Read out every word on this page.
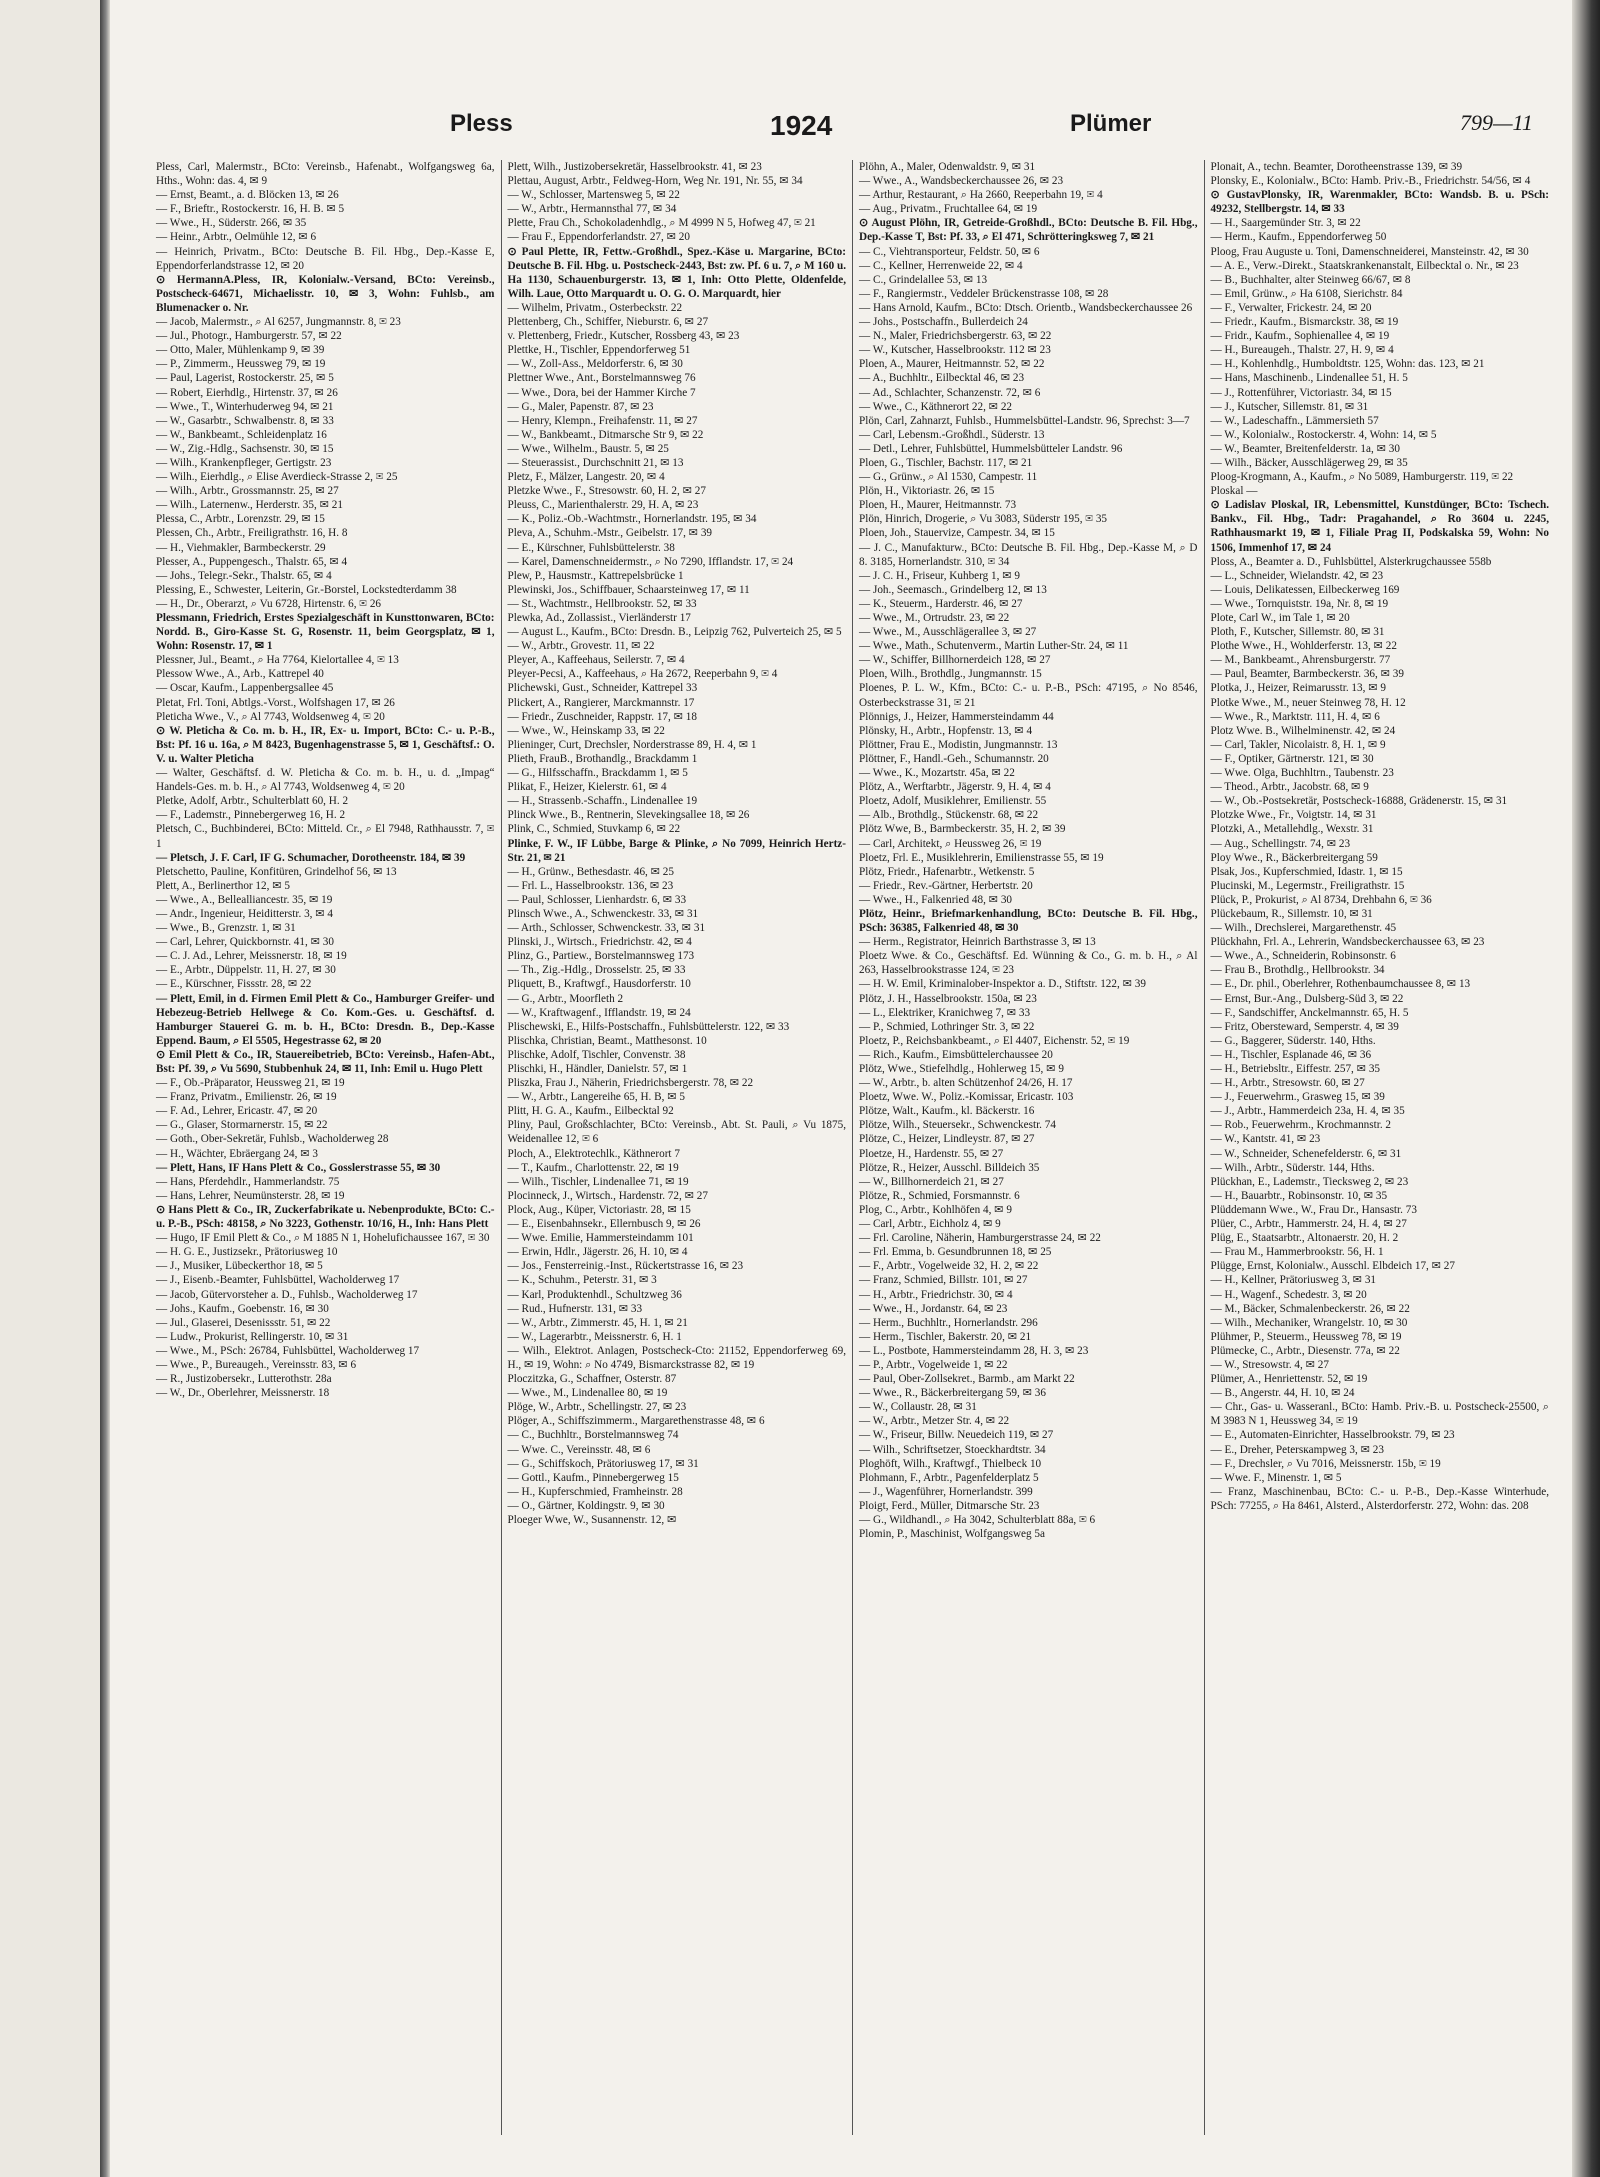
Pless	1924	Plümer	799—11

Pless, Carl, Malermstr., BCto: Vereinsb., Hafenabt., Wolfgangsweg 6a, Hths., Wohn: das. 4, ✉ 9

— Ernst, Beamt., a. d. Blöcken 13, ✉ 26

— F., Brieftr., Rostockerstr. 16, H. B. ✉ 5

— Wwe., H., Süderstr. 266, ✉ 35

— Heinr., Arbtr., Oelmühle 12, ✉ 6

— Heinrich, Privatm., BCto: Deutsche B. Fil. Hbg., Dep.-Kasse E, Eppendorferlandstrasse 12, ✉ 20

⊙ HermannA.Pless, IR, Kolonialw.-Versand, BCto: Vereinsb., Postscheck-64671, Michaelisstr. 10, ✉ 3, Wohn: Fuhlsb., am Blumenacker o. Nr.

— Jacob, Malermstr., ⌕ Al 6257, Jungmannstr. 8, ✉ 23

— Jul., Photogr., Hamburgerstr. 57, ✉ 22

— Otto, Maler, Mühlenkamp 9, ✉ 39

— P., Zimmerm., Heussweg 79, ✉ 19

— Paul, Lagerist, Rostockerstr. 25, ✉ 5

— Robert, Eierhdlg., Hirtenstr. 37, ✉ 26

— Wwe., T., Winterhuderweg 94, ✉ 21

— W., Gasarbtr., Schwalbenstr. 8, ✉ 33

— W., Bankbeamt., Schleidenplatz 16

— W., Zig.-Hdlg., Sachsenstr. 30, ✉ 15

— Wilh., Krankenpfleger, Gertigstr. 23

— Wilh., Eierhdlg., ⌕ Elise Averdieck-Strasse 2, ✉ 25

— Wilh., Arbtr., Grossmannstr. 25, ✉ 27

— Wilh., Laternenw., Herderstr. 35, ✉ 21

Plessa, C., Arbtr., Lorenzstr. 29, ✉ 15

Plessen, Ch., Arbtr., Freiligrathstr. 16, H. 8

— H., Viehmakler, Barmbeckerstr. 29

Plesser, A., Puppengesch., Thalstr. 65, ✉ 4

— Johs., Telegr.-Sekr., Thalstr. 65, ✉ 4

Plessing, E., Schwester, Leiterin, Gr.-Borstel, Lockstedterdamm 38

— H., Dr., Oberarzt, ⌕ Vu 6728, Hirtenstr. 6, ✉ 26

Plessmann, Friedrich, Erstes Spezialgeschäft in Kunsttonwaren, BCto: Nordd. B., Giro-Kasse St. G, Rosenstr. 11, beim Georgsplatz, ✉ 1, Wohn: Rosenstr. 17, ✉ 1

Plessner, Jul., Beamt., ⌕ Ha 7764, Kielortallee 4, ✉ 13

Plessow Wwe., A., Arb., Kattrepel 40

— Oscar, Kaufm., Lappenbergsallee 45

Pletat, Frl. Toni, Abtlgs.-Vorst., Wolfshagen 17, ✉ 26

Pleticha Wwe., V., ⌕ Al 7743, Woldsenweg 4, ✉ 20

⊙ W. Pleticha & Co. m. b. H., IR, Ex- u. Import, BCto: C.- u. P.-B., Bst: Pf. 16 u. 16a, ⌕ M 8423, Bugenhagenstrasse 5, ✉ 1, Geschäftsf.: O. V. u. Walter Pleticha

— Walter, Geschäftsf. d. W. Pleticha & Co. m. b. H., u. d. „Impag“ Handels-Ges. m. b. H., ⌕ Al 7743, Woldsenweg 4, ✉ 20

Pletke, Adolf, Arbtr., Schulterblatt 60, H. 2

— F., Lademstr., Pinnebergerweg 16, H. 2

Pletsch, C., Buchbinderei, BCto: Mitteld. Cr., ⌕ El 7948, Rathhausstr. 7, ✉ 1

— Pletsch, J. F. Carl, IF G. Schumacher, Dorotheenstr. 184, ✉ 39

Pletschetto, Pauline, Konfitüren, Grindelhof 56, ✉ 13

Plett, A., Berlinerthor 12, ✉ 5

— Wwe., A., Bellealliancestr. 35, ✉ 19

— Andr., Ingenieur, Heiditterstr. 3, ✉ 4

— Wwe., B., Grenzstr. 1, ✉ 31

— Carl, Lehrer, Quickbornstr. 41, ✉ 30

— C. J. Ad., Lehrer, Meissnerstr. 18, ✉ 19

— E., Arbtr., Düppelstr. 11, H. 27, ✉ 30

— E., Kürschner, Fissstr. 28, ✉ 22

— Plett, Emil, in d. Firmen Emil Plett & Co., Hamburger Greifer- und Hebezeug-Betrieb Hellwege & Co. Kom.-Ges. u. Geschäftsf. d. Hamburger Stauerei G. m. b. H., BCto: Dresdn. B., Dep.-Kasse Eppend. Baum, ⌕ El 5505, Hegestrasse 62, ✉ 20

⊙ Emil Plett & Co., IR, Stauereibetrieb, BCto: Vereinsb., Hafen-Abt., Bst: Pf. 39, ⌕ Vu 5690, Stubbenhuk 24, ✉ 11, Inh: Emil u. Hugo Plett

— F., Ob.-Präparator, Heussweg 21, ✉ 19

— Franz, Privatm., Emilienstr. 26, ✉ 19

— F. Ad., Lehrer, Ericastr. 47, ✉ 20

— G., Glaser, Stormarnerstr. 15, ✉ 22

— Goth., Ober-Sekretär, Fuhlsb., Wacholderweg 28

— H., Wächter, Ebräergang 24, ✉ 3

— Plett, Hans, IF Hans Plett & Co., Gosslerstrasse 55, ✉ 30

— Hans, Pferdehdlr., Hammerlandstr. 75

— Hans, Lehrer, Neumünsterstr. 28, ✉ 19

⊙ Hans Plett & Co., IR, Zuckerfabrikate u. Nebenprodukte, BCto: C.- u. P.-B., PSch: 48158, ⌕ No 3223, Gothenstr. 10/16, H., Inh: Hans Plett

— Hugo, IF Emil Plett & Co., ⌕ M 1885 N 1, Hohelufichaussee 167, ✉ 30

— H. G. E., Justizsekr., Prätoriusweg 10

— J., Musiker, Lübeckerthor 18, ✉ 5

— J., Eisenb.-Beamter, Fuhlsbüttel, Wacholderweg 17

— Jacob, Gütervorsteher a. D., Fuhlsb., Wacholderweg 17

— Johs., Kaufm., Goebenstr. 16, ✉ 30

— Jul., Glaserei, Desenissstr. 51, ✉ 22

— Ludw., Prokurist, Rellingerstr. 10, ✉ 31

— Wwe., M., PSch: 26784, Fuhlsbüttel, Wacholderweg 17

— Wwe., P., Bureaugeh., Vereinsstr. 83, ✉ 6

— R., Justizobersekr., Lutterothstr. 28a

— W., Dr., Oberlehrer, Meissnerstr. 18

Plett, Wilh., Justizobersekretär, Hasselbrookstr. 41, ✉ 23

Plettau, August, Arbtr., Feldweg-Horn, Weg Nr. 191, Nr. 55, ✉ 34

— W., Schlosser, Martensweg 5, ✉ 22

— W., Arbtr., Hermannsthal 77, ✉ 34

Plette, Frau Ch., Schokoladenhdlg., ⌕ M 4999 N 5, Hofweg 47, ✉ 21

— Frau F., Eppendorferlandstr. 27, ✉ 20

⊙ Paul Plette, IR, Fettw.-Großhdl., Spez.-Käse u. Margarine, BCto: Deutsche B. Fil. Hbg. u. Postscheck-2443, Bst: zw. Pf. 6 u. 7, ⌕ M 160 u. Ha 1130, Schauenburgerstr. 13, ✉ 1, Inh: Otto Plette, Oldenfelde, Wilh. Laue, Otto Marquardt u. O. G. O. Marquardt, hier

— Wilhelm, Privatm., Osterbeckstr. 22

Plettenberg, Ch., Schiffer, Nieburstr. 6, ✉ 27

v. Plettenberg, Friedr., Kutscher, Rossberg 43, ✉ 23

Plettke, H., Tischler, Eppendorferweg 51

— W., Zoll-Ass., Meldorferstr. 6, ✉ 30

Plettner Wwe., Ant., Borstelmannsweg 76

— Wwe., Dora, bei der Hammer Kirche 7

— G., Maler, Papenstr. 87, ✉ 23

— Henry, Klempn., Freihafenstr. 11, ✉ 27

— W., Bankbeamt., Ditmarsche Str 9, ✉ 22

— Wwe., Wilhelm., Baustr. 5, ✉ 25

— Steuerassist., Durchschnitt 21, ✉ 13

Pletz, F., Mälzer, Langestr. 20, ✉ 4

Pletzke Wwe., F., Stresowstr. 60, H. 2, ✉ 27

Pleuss, C., Marienthalerstr. 29, H. A, ✉ 23

— K., Poliz.-Ob.-Wachtmstr., Hornerlandstr. 195, ✉ 34

Pleva, A., Schuhm.-Mstr., Geibelstr. 17, ✉ 39

— E., Kürschner, Fuhlsbüttelerstr. 38

— Karel, Damenschneidermstr., ⌕ No 7290, Ifflandstr. 17, ✉ 24

Plew, P., Hausmstr., Kattrepelsbrücke 1

Plewinski, Jos., Schiffbauer, Schaarsteinweg 17, ✉ 11

— St., Wachtmstr., Hellbrookstr. 52, ✉ 33

Plewka, Ad., Zollassist., Vierländerstr 17

— August L., Kaufm., BCto: Dresdn. B., Leipzig 762, Pulverteich 25, ✉ 5

— W., Arbtr., Grovestr. 11, ✉ 22

Pleyer, A., Kaffeehaus, Seilerstr. 7, ✉ 4

Pleyer-Pecsi, A., Kaffeehaus, ⌕ Ha 2672, Reeperbahn 9, ✉ 4

Plichewski, Gust., Schneider, Kattrepel 33

Plickert, A., Rangierer, Marckmannstr. 17

— Friedr., Zuschneider, Rappstr. 17, ✉ 18

— Wwe., W., Heinskamp 33, ✉ 22

Plieninger, Curt, Drechsler, Norderstrasse 89, H. 4, ✉ 1

Plieth, FrauB., Brothandlg., Brackdamm 1

— G., Hilfsschaffn., Brackdamm 1, ✉ 5

Plikat, F., Heizer, Kielerstr. 61, ✉ 4

— H., Strassenb.-Schaffn., Lindenallee 19

Plinck Wwe., B., Rentnerin, Slevekingsallee 18, ✉ 26

Plink, C., Schmied, Stuvkamp 6, ✉ 22

Plinke, F. W., IF Lübbe, Barge & Plinke, ⌕ No 7099, Heinrich Hertz-Str. 21, ✉ 21

— H., Grünw., Bethesdastr. 46, ✉ 25

— Frl. L., Hasselbrookstr. 136, ✉ 23

— Paul, Schlosser, Lienhardstr. 6, ✉ 33

Plinsch Wwe., A., Schwenckestr. 33, ✉ 31

— Arth., Schlosser, Schwenckestr. 33, ✉ 31

Plinski, J., Wirtsch., Friedrichstr. 42, ✉ 4

Plinz, G., Partiew., Borstelmannsweg 173

— Th., Zig.-Hdlg., Drosselstr. 25, ✉ 33

Pliquett, B., Kraftwgf., Hausdorferstr. 10

— G., Arbtr., Moorfleth 2

— W., Kraftwagenf., Ifflandstr. 19, ✉ 24

Plischewski, E., Hilfs-Postschaffn., Fuhlsbüttelerstr. 122, ✉ 33

Plischka, Christian, Beamt., Matthesonst. 10

Plischke, Adolf, Tischler, Convenstr. 38

Plischki, H., Händler, Danielstr. 57, ✉ 1

Pliszka, Frau J., Näherin, Friedrichsbergerstr. 78, ✉ 22

— W., Arbtr., Langereihe 65, H. B, ✉ 5

Plitt, H. G. A., Kaufm., Eilbecktal 92

Pliny, Paul, Großschlachter, BCto: Vereinsb., Abt. St. Pauli, ⌕ Vu 1875, Weidenallee 12, ✉ 6

Ploch, A., Elektrotechlk., Käthnerort 7

— T., Kaufm., Charlottenstr. 22, ✉ 19

— Wilh., Tischler, Lindenallee 71, ✉ 19

Plocinneck, J., Wirtsch., Hardenstr. 72, ✉ 27

Plock, Aug., Küper, Victoriastr. 28, ✉ 15

— E., Eisenbahnsekr., Ellernbusch 9, ✉ 26

— Wwe. Emilie, Hammersteindamm 101

— Erwin, Hdlr., Jägerstr. 26, H. 10, ✉ 4

— Jos., Fensterreinig.-Inst., Rückertstrasse 16, ✉ 23

— K., Schuhm., Peterstr. 31, ✉ 3

— Karl, Produktenhdl., Schultzweg 36

— Rud., Hufnerstr. 131, ✉ 33

— W., Arbtr., Zimmerstr. 45, H. 1, ✉ 21

— W., Lagerarbtr., Meissnerstr. 6, H. 1

— Wilh., Elektrot. Anlagen, Postscheck-Cto: 21152, Eppendorferweg 69, H., ✉ 19, Wohn: ⌕ No 4749, Bismarckstrasse 82, ✉ 19

Ploczitzka, G., Schaffner, Osterstr. 87

— Wwe., M., Lindenallee 80, ✉ 19

Plöge, W., Arbtr., Schellingstr. 27, ✉ 23

Plöger, A., Schiffszimmerm., Margarethenstrasse 48, ✉ 6

— C., Buchhltr., Borstelmannsweg 74

— Wwe. C., Vereinsstr. 48, ✉ 6

— G., Schiffskoch, Prätoriusweg 17, ✉ 31

— Gottl., Kaufm., Pinnebergerweg 15

— H., Kupferschmied, Framheinstr. 28

— O., Gärtner, Koldingstr. 9, ✉ 30

Ploeger Wwe, W., Susannenstr. 12, ✉

Plöhn, A., Maler, Odenwaldstr. 9, ✉ 31

— Wwe., A., Wandsbeckerchaussee 26, ✉ 23

— Arthur, Restaurant, ⌕ Ha 2660, Reeperbahn 19, ✉ 4

— Aug., Privatm., Fruchtallee 64, ✉ 19

⊙ August Plöhn, IR, Getreide-Großhdl., BCto: Deutsche B. Fil. Hbg., Dep.-Kasse T, Bst: Pf. 33, ⌕ El 471, Schrötteringksweg 7, ✉ 21

— C., Viehtransporteur, Feldstr. 50, ✉ 6

— C., Kellner, Herrenweide 22, ✉ 4

— C., Grindelallee 53, ✉ 13

— F., Rangiermstr., Veddeler Brückenstrasse 108, ✉ 28

— Hans Arnold, Kaufm., BCto: Dtsch. Orientb., Wandsbeckerchaussee 26

— Johs., Postschaffn., Bullerdeich 24

— N., Maler, Friedrichsbergerstr. 63, ✉ 22

— W., Kutscher, Hasselbrookstr. 112 ✉ 23

Ploen, A., Maurer, Heitmannstr. 52, ✉ 22

— A., Buchhltr., Eilbecktal 46, ✉ 23

— Ad., Schlachter, Schanzenstr. 72, ✉ 6

— Wwe., C., Käthnerort 22, ✉ 22

Plön, Carl, Zahnarzt, Fuhlsb., Hummelsbüttel-Landstr. 96, Sprechst: 3—7

— Carl, Lebensm.-Großhdl., Süderstr. 13

— Detl., Lehrer, Fuhlsbüttel, Hummelsbütteler Landstr. 96

Ploen, G., Tischler, Bachstr. 117, ✉ 21

— G., Grünw., ⌕ Al 1530, Campestr. 11

Plön, H., Viktoriastr. 26, ✉ 15

Ploen, H., Maurer, Heitmannstr. 73

Plön, Hinrich, Drogerie, ⌕ Vu 3083, Süderstr 195, ✉ 35

Ploen, Joh., Stauervize, Campestr. 34, ✉ 15

— J. C., Manufakturw., BCto: Deutsche B. Fil. Hbg., Dep.-Kasse M, ⌕ D 8. 3185, Hornerlandstr. 310, ✉ 34

— J. C. H., Friseur, Kuhberg 1, ✉ 9

— Joh., Seemasch., Grindelberg 12, ✉ 13

— K., Steuerm., Harderstr. 46, ✉ 27

— Wwe., M., Ortrudstr. 23, ✉ 22

— Wwe., M., Ausschlägerallee 3, ✉ 27

— Wwe., Math., Schutenverm., Martin Luther-Str. 24, ✉ 11

— W., Schiffer, Billhornerdeich 128, ✉ 27

Ploen, Wilh., Brothdlg., Jungmannstr. 15

Ploenes, P. L. W., Kfm., BCto: C.- u. P.-B., PSch: 47195, ⌕ No 8546, Osterbeckstrasse 31, ✉ 21

Plönnigs, J., Heizer, Hammersteindamm 44

Plönsky, H., Arbtr., Hopfenstr. 13, ✉ 4

Plöttner, Frau E., Modistin, Jungmannstr. 13

Plöttner, F., Handl.-Geh., Schumannstr. 20

— Wwe., K., Mozartstr. 45a, ✉ 22

Plötz, A., Werftarbtr., Jägerstr. 9, H. 4, ✉ 4

Ploetz, Adolf, Musiklehrer, Emilienstr. 55

— Alb., Brothdlg., Stückenstr. 68, ✉ 22

Plötz Wwe, B., Barmbeckerstr. 35, H. 2, ✉ 39

— Carl, Architekt, ⌕ Heussweg 26, ✉ 19

Ploetz, Frl. E., Musiklehrerin, Emilienstrasse 55, ✉ 19

Plötz, Friedr., Hafenarbtr., Wetkenstr. 5

— Friedr., Rev.-Gärtner, Herbertstr. 20

— Wwe., H., Falkenried 48, ✉ 30

Plötz, Heinr., Briefmarkenhandlung, BCto: Deutsche B. Fil. Hbg., PSch: 36385, Falkenried 48, ✉ 30

— Herm., Registrator, Heinrich Barthstrasse 3, ✉ 13

Ploetz Wwe. & Co., Geschäftsf. Ed. Wünning & Co., G. m. b. H., ⌕ Al 263, Hasselbrookstrasse 124, ✉ 23

— H. W. Emil, Kriminalober-Inspektor a. D., Stiftstr. 122, ✉ 39

Plötz, J. H., Hasselbrookstr. 150a, ✉ 23

— L., Elektriker, Kranichweg 7, ✉ 33

— P., Schmied, Lothringer Str. 3, ✉ 22

Ploetz, P., Reichsbankbeamt., ⌕ El 4407, Eichenstr. 52, ✉ 19

— Rich., Kaufm., Eimsbüttelerchaussee 20

Plötz, Wwe., Stiefelhdlg., Hohlerweg 15, ✉ 9

— W., Arbtr., b. alten Schützenhof 24/26, H. 17

Ploetz, Wwe. W., Poliz.-Komissar, Ericastr. 103

Plötze, Walt., Kaufm., kl. Bäckerstr. 16

Plötze, Wilh., Steuersekr., Schwenckestr. 74

Plötze, C., Heizer, Lindleystr. 87, ✉ 27

Ploetze, H., Hardenstr. 55, ✉ 27

Plötze, R., Heizer, Ausschl. Billdeich 35

— W., Billhornerdeich 21, ✉ 27

Plötze, R., Schmied, Forsmannstr. 6

Plog, C., Arbtr., Kohlhöfen 4, ✉ 9

— Carl, Arbtr., Eichholz 4, ✉ 9

— Frl. Caroline, Näherin, Hamburgerstrasse 24, ✉ 22

— Frl. Emma, b. Gesundbrunnen 18, ✉ 25

— F., Arbtr., Vogelweide 32, H. 2, ✉ 22

— Franz, Schmied, Billstr. 101, ✉ 27

— H., Arbtr., Friedrichstr. 30, ✉ 4

— Wwe., H., Jordanstr. 64, ✉ 23

— Herm., Buchhltr., Hornerlandstr. 296

— Herm., Tischler, Bakerstr. 20, ✉ 21

— L., Postbote, Hammersteindamm 28, H. 3, ✉ 23

— P., Arbtr., Vogelweide 1, ✉ 22

— Paul, Ober-Zollsekret., Barmb., am Markt 22

— Wwe., R., Bäckerbreitergang 59, ✉ 36

— W., Collaustr. 28, ✉ 31

— W., Arbtr., Metzer Str. 4, ✉ 22

— W., Friseur, Billw. Neuedeich 119, ✉ 27

— Wilh., Schriftsetzer, Stoeckhardtstr. 34

Ploghöft, Wilh., Kraftwgf., Thielbeck 10

Plohmann, F., Arbtr., Pagenfelderplatz 5

— J., Wagenführer, Hornerlandstr. 399

Ploigt, Ferd., Müller, Ditmarsche Str. 23

— G., Wildhandl., ⌕ Ha 3042, Schulterblatt 88a, ✉ 6

Plomin, P., Maschinist, Wolfgangsweg 5a

Plonait, A., techn. Beamter, Dorotheenstrasse 139, ✉ 39

Plonsky, E., Kolonialw., BCto: Hamb. Priv.-B., Friedrichstr. 54/56, ✉ 4

⊙ GustavPlonsky, IR, Warenmakler, BCto: Wandsb. B. u. PSch: 49232, Stellbergstr. 14, ✉ 33

— H., Saargemünder Str. 3, ✉ 22

— Herm., Kaufm., Eppendorferweg 50

Ploog, Frau Auguste u. Toni, Damenschneiderei, Mansteinstr. 42, ✉ 30

— A. E., Verw.-Direkt., Staatskrankenanstalt, Eilbecktal o. Nr., ✉ 23

— B., Buchhalter, alter Steinweg 66/67, ✉ 8

— Emil, Grünw., ⌕ Ha 6108, Sierichstr. 84

— F., Verwalter, Frickestr. 24, ✉ 20

— Friedr., Kaufm., Bismarckstr. 38, ✉ 19

— Fridr., Kaufm., Sophienallee 4, ✉ 19

— H., Bureaugeh., Thalstr. 27, H. 9, ✉ 4

— H., Kohlenhdlg., Humboldtstr. 125, Wohn: das. 123, ✉ 21

— Hans, Maschinenb., Lindenallee 51, H. 5

— J., Rottenführer, Victoriastr. 34, ✉ 15

— J., Kutscher, Sillemstr. 81, ✉ 31

— W., Ladeschaffn., Lämmersieth 57

— W., Kolonialw., Rostockerstr. 4, Wohn: 14, ✉ 5

— W., Beamter, Breitenfelderstr. 1a, ✉ 30

— Wilh., Bäcker, Ausschlägerweg 29, ✉ 35

Ploog-Krogmann, A., Kaufm., ⌕ No 5089, Hamburgerstr. 119, ✉ 22

Ploskal —

⊙ Ladislav Ploskal, IR, Lebensmittel, Kunstdünger, BCto: Tschech. Bankv., Fil. Hbg., Tadr: Pragahandel, ⌕ Ro 3604 u. 2245, Rathhausmarkt 19, ✉ 1, Filiale Prag II, Podskalska 59, Wohn: No 1506, Immenhof 17, ✉ 24

Ploss, A., Beamter a. D., Fuhlsbüttel, Alsterkrugchaussee 558b

— L., Schneider, Wielandstr. 42, ✉ 23

— Louis, Delikatessen, Eilbeckerweg 169

— Wwe., Tornquiststr. 19a, Nr. 8, ✉ 19

Plote, Carl W., im Tale 1, ✉ 20

Ploth, F., Kutscher, Sillemstr. 80, ✉ 31

Plothe Wwe., H., Wohlderferstr. 13, ✉ 22

— M., Bankbeamt., Ahrensburgerstr. 77

— Paul, Beamter, Barmbeckerstr. 36, ✉ 39

Plotka, J., Heizer, Reimarusstr. 13, ✉ 9

Plotke Wwe., M., neuer Steinweg 78, H. 12

— Wwe., R., Marktstr. 111, H. 4, ✉ 6

Plotz Wwe. B., Wilhelminenstr. 42, ✉ 24

— Carl, Takler, Nicolaistr. 8, H. 1, ✉ 9

— F., Optiker, Gärtnerstr. 121, ✉ 30

— Wwe. Olga, Buchhltrn., Taubenstr. 23

— Theod., Arbtr., Jacobstr. 68, ✉ 9

— W., Ob.-Postsekretär, Postscheck-16888, Grädenerstr. 15, ✉ 31

Plotzke Wwe., Fr., Voigtstr. 14, ✉ 31

Plotzki, A., Metallehdlg., Wexstr. 31

— Aug., Schellingstr. 74, ✉ 23

Ploy Wwe., R., Bäckerbreitergang 59

Plsak, Jos., Kupferschmied, Idastr. 1, ✉ 15

Plucinski, M., Legermstr., Freiligrathstr. 15

Plück, P., Prokurist, ⌕ Al 8734, Drehbahn 6, ✉ 36

Plückebaum, R., Sillemstr. 10, ✉ 31

— Wilh., Drechslerei, Margarethenstr. 45

Plückhahn, Frl. A., Lehrerin, Wandsbeckerchaussee 63, ✉ 23

— Wwe., A., Schneiderin, Robinsonstr. 6

— Frau B., Brothdlg., Hellbrookstr. 34

— E., Dr. phil., Oberlehrer, Rothenbaumchaussee 8, ✉ 13

— Ernst, Bur.-Ang., Dulsberg-Süd 3, ✉ 22

— F., Sandschiffer, Anckelmannstr. 65, H. 5

— Fritz, Obersteward, Semperstr. 4, ✉ 39

— G., Baggerer, Süderstr. 140, Hths.

— H., Tischler, Esplanade 46, ✉ 36

— H., Betriebsltr., Eiffestr. 257, ✉ 35

— H., Arbtr., Stresowstr. 60, ✉ 27

— J., Feuerwehrm., Grasweg 15, ✉ 39

— J., Arbtr., Hammerdeich 23a, H. 4, ✉ 35

— Rob., Feuerwehrm., Krochmannstr. 2

— W., Kantstr. 41, ✉ 23

— W., Schneider, Schenefelderstr. 6, ✉ 31

— Wilh., Arbtr., Süderstr. 144, Hths.

Plückhan, E., Lademstr., Tiecksweg 2, ✉ 23

— H., Bauarbtr., Robinsonstr. 10, ✉ 35

Plüddemann Wwe., W., Frau Dr., Hansastr. 73

Plüer, C., Arbtr., Hammerstr. 24, H. 4, ✉ 27

Plüg, E., Staatsarbtr., Altonaerstr. 20, H. 2

— Frau M., Hammerbrookstr. 56, H. 1

Plügge, Ernst, Kolonialw., Ausschl. Elbdeich 17, ✉ 27

— H., Kellner, Prätoriusweg 3, ✉ 31

— H., Wagenf., Schedestr. 3, ✉ 20

— M., Bäcker, Schmalenbeckerstr. 26, ✉ 22

— Wilh., Mechaniker, Wrangelstr. 10, ✉ 30

Plühmer, P., Steuerm., Heussweg 78, ✉ 19

Plümecke, C., Arbtr., Diesenstr. 77a, ✉ 22

— W., Stresowstr. 4, ✉ 27

Plümer, A., Henriettenstr. 52, ✉ 19

— B., Angerstr. 44, H. 10, ✉ 24

— Chr., Gas- u. Wasseranl., BCto: Hamb. Priv.-B. u. Postscheck-25500, ⌕ M 3983 N 1, Heussweg 34, ✉ 19

— E., Automaten-Einrichter, Hasselbrookstr. 79, ✉ 23

— E., Dreher, Petersкampweg 3, ✉ 23

— F., Drechsler, ⌕ Vu 7016, Meissnerstr. 15b, ✉ 19

— Wwe. F., Minenstr. 1, ✉ 5

— Franz, Maschinenbau, BCto: C.- u. P.-B., Dep.-Kasse Winterhude, PSch: 77255, ⌕ Ha 8461, Alsterd., Alsterdorferstr. 272, Wohn: das. 208
